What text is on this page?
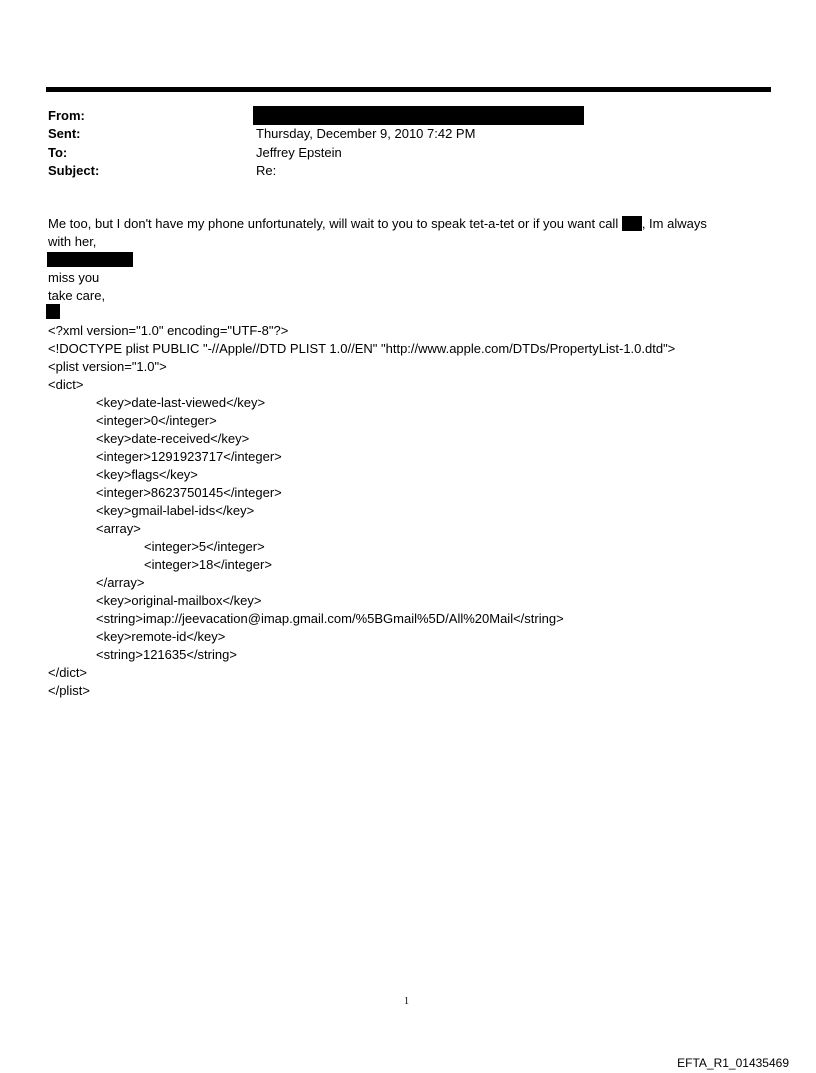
From:
Sent:	Thursday, December 9, 2010 7:42 PM
To:	Jeffrey Epstein
Subject:	Re:
Me too, but I don't have my phone unfortunately, will wait to you to speak tet-a-tet or if you want call , Im always
with her,
miss you
take care,
<?xml version="1.0" encoding="UTF-8"?>
<!DOCTYPE plist PUBLIC "-//Apple//DTD PLIST 1.0//EN" "http://www.apple.com/DTDs/PropertyList-1.0.dtd">
<plist version="1.0">
<dict>
<key>date-last-viewed</key>
<integer>0</integer>
<key>date-received</key>
<integer>1291923717</integer>
<key>flags</key>
<integer>8623750145</integer>
<key>gmail-label-ids</key>
<array>
<integer>5</integer>
<integer>18</integer>
</array>
<key>original-mailbox</key>
<string>imap://jeevacation@imap.gmail.com/%5BGmail%5D/All%20Mail</string>
<key>remote-id</key>
<string>121635</string>
</dict>
</plist>
1
EFTA_R1_01435469
